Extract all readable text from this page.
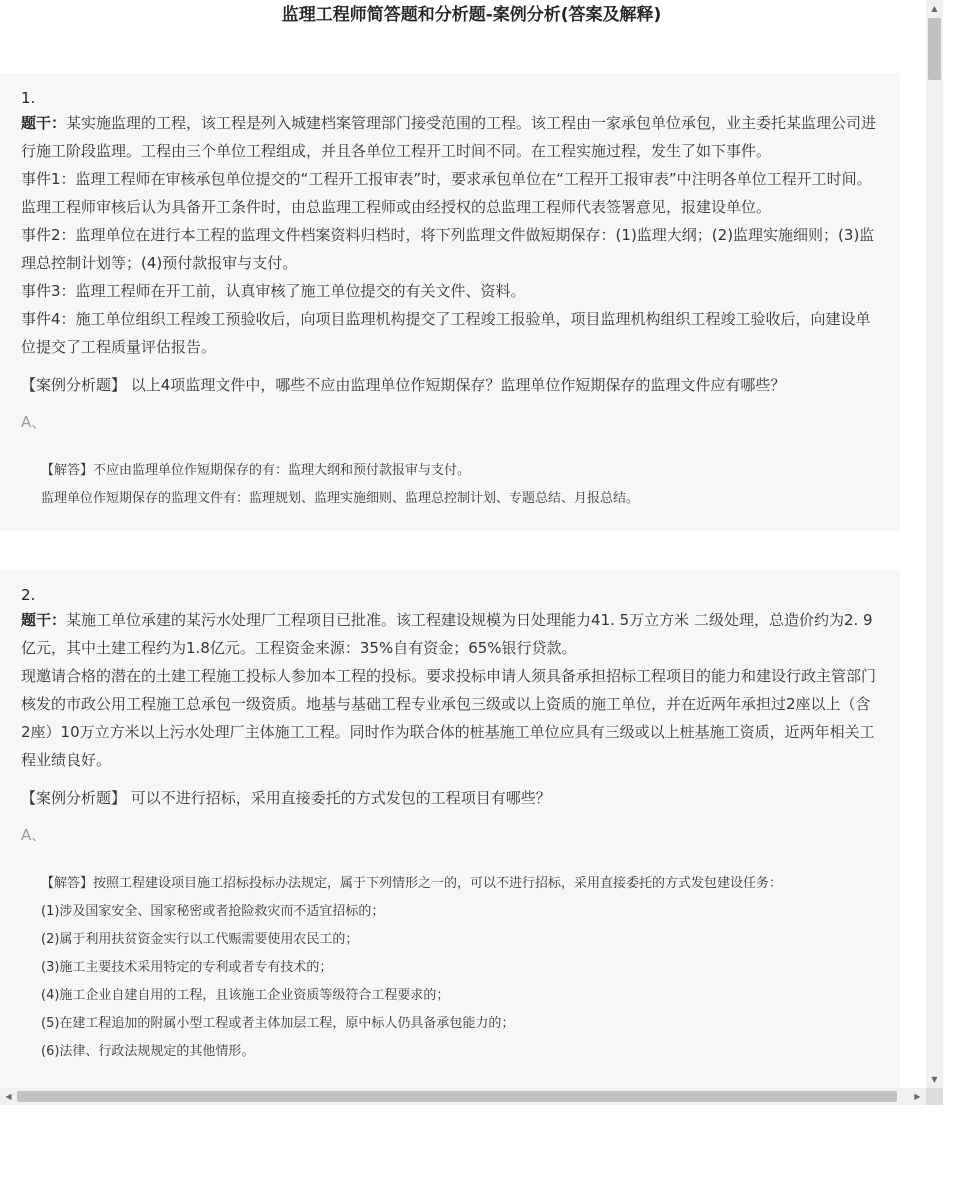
监理工程师简答题和分析题-案例分析(答案及解释)
1.

题干：某实施监理的工程，该工程是列入城建档案管理部门接受范围的工程。该工程由一家承包单位承包，业主委托某监理公司进行施工阶段监理。工程由三个单位工程组成，并且各单位工程开工时间不同。在工程实施过程，发生了如下事件。

事件1：监理工程师在审核承包单位提交的“工程开工报审表”时，要求承包单位在“工程开工报审表”中注明各单位工程开工时间。监理工程师审核后认为具备开工条件时，由总监理工程师或由经授权的总监理工程师代表签署意见，报建设单位。

事件2：监理单位在进行本工程的监理文件档案资料归档时，将下列监理文件做短期保存：(1)监理大纲；(2)监理实施细则；(3)监理总控制计划等；(4)预付款报审与支付。

事件3：监理工程师在开工前，认真审核了施工单位提交的有关文件、资料。

事件4：施工单位组织工程竣工预验收后，向项目监理机构提交了工程竣工报验单，项目监理机构组织工程竣工验收后，向建设单位提交了工程质量评估报告。

【案例分析题】 以上4项监理文件中，哪些不应由监理单位作短期保存？监理单位作短期保存的监理文件应有哪些？
A、

【解答】不应由监理单位作短期保存的有：监理大纲和预付款报审与支付。

监理单位作短期保存的监理文件有：监理规划、监理实施细则、监理总控制计划、专题总结、月报总结。

2.

题干：某施工单位承建的某污水处理厂工程项目已批准。该工程建设规模为日处理能力41. 5万立方米 二级处理，总造价约为2. 9亿元，其中土建工程约为1.8亿元。工程资金来源：35%自有资金；65%银行贷款。

现邀请合格的潜在的土建工程施工投标人参加本工程的投标。要求投标申请人须具备承担招标工程项目的能力和建设行政主管部门核发的市政公用工程施工总承包一级资质。地基与基础工程专业承包三级或以上资质的施工单位，并在近两年承担过2座以上（含2座）10万立方米以上污水处理厂主体施工工程。同时作为联合体的桩基施工单位应具有三级或以上桩基施工资质，近两年相关工程业绩良好。

【案例分析题】 可以不进行招标，采用直接委托的方式发包的工程项目有哪些？
A、

【解答】按照工程建设项目施工招标投标办法规定，属于下列情形之一的，可以不进行招标，采用直接委托的方式发包建设任务：

(1)涉及国家安全、国家秘密或者抢险救灾而不适宜招标的；

(2)属于利用扶贫资金实行以工代赈需要使用农民工的；

(3)施工主要技术采用特定的专利或者专有技术的；

(4)施工企业自建自用的工程，且该施工企业资质等级符合工程要求的；

(5)在建工程追加的附属小型工程或者主体加层工程，原中标人仍具备承包能力的；

(6)法律、行政法规规定的其他情形。

▲
▼
◀	▶
